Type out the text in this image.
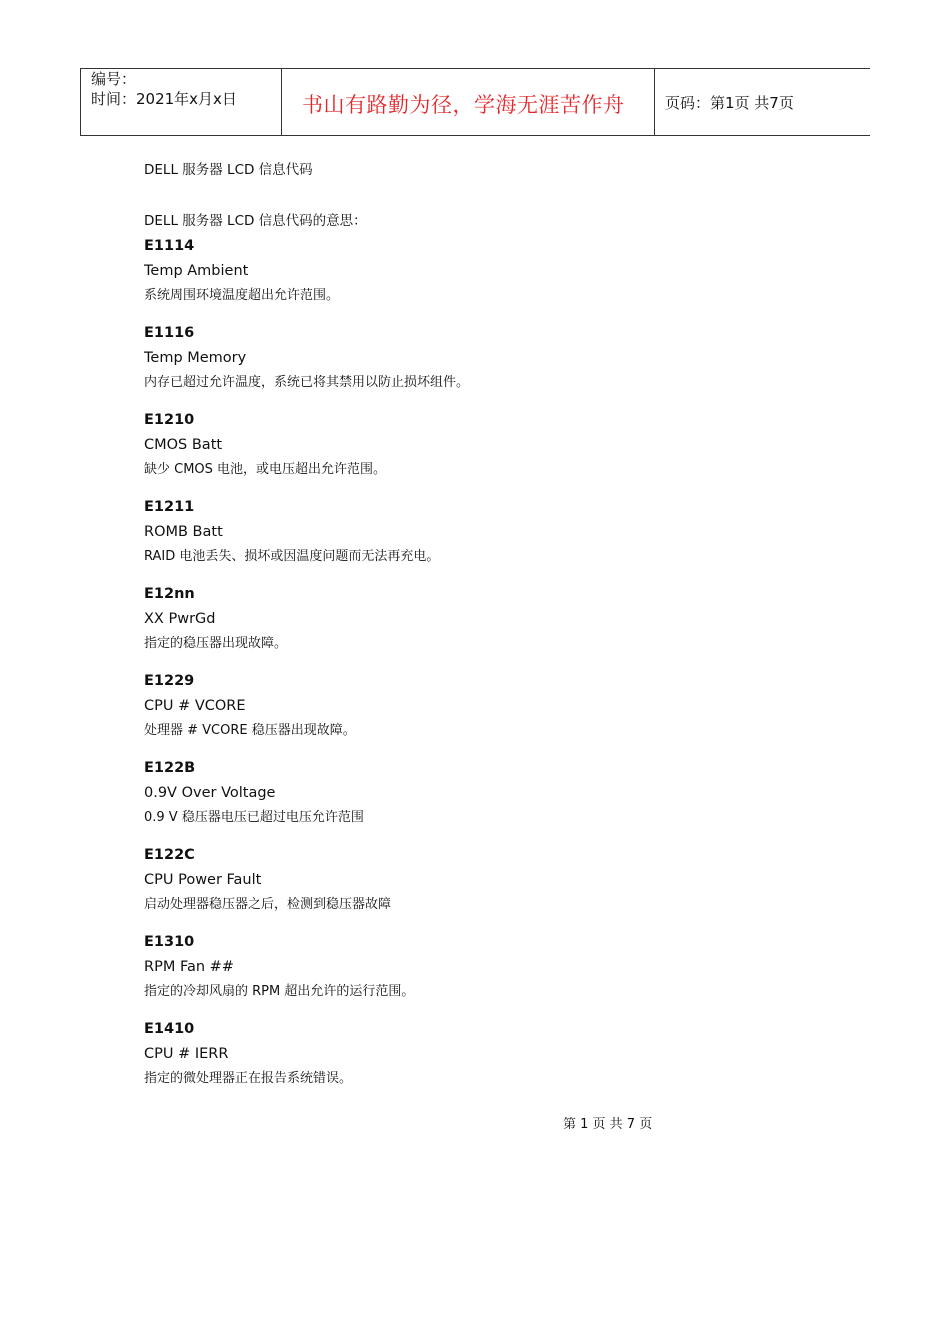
编号：
时间：2021年x月x日	书山有路勤为径，学海无涯苦作舟	页码：第1页 共7页
DELL 服务器 LCD 信息代码
DELL 服务器 LCD 信息代码的意思：
E1114
Temp Ambient
系统周围环境温度超出允许范围。
E1116
Temp Memory
内存已超过允许温度，系统已将其禁用以防止损坏组件。
E1210
CMOS Batt
缺少 CMOS 电池，或电压超出允许范围。
E1211
ROMB Batt
RAID 电池丢失、损坏或因温度问题而无法再充电。
E12nn
XX PwrGd
指定的稳压器出现故障。
E1229
CPU # VCORE
处理器 # VCORE 稳压器出现故障。
E122B
0.9V Over Voltage
0.9 V 稳压器电压已超过电压允许范围
E122C
CPU Power Fault
启动处理器稳压器之后，检测到稳压器故障
E1310
RPM Fan ##
指定的冷却风扇的 RPM 超出允许的运行范围。
E1410
CPU # IERR
指定的微处理器正在报告系统错误。
第 1 页 共 7 页
